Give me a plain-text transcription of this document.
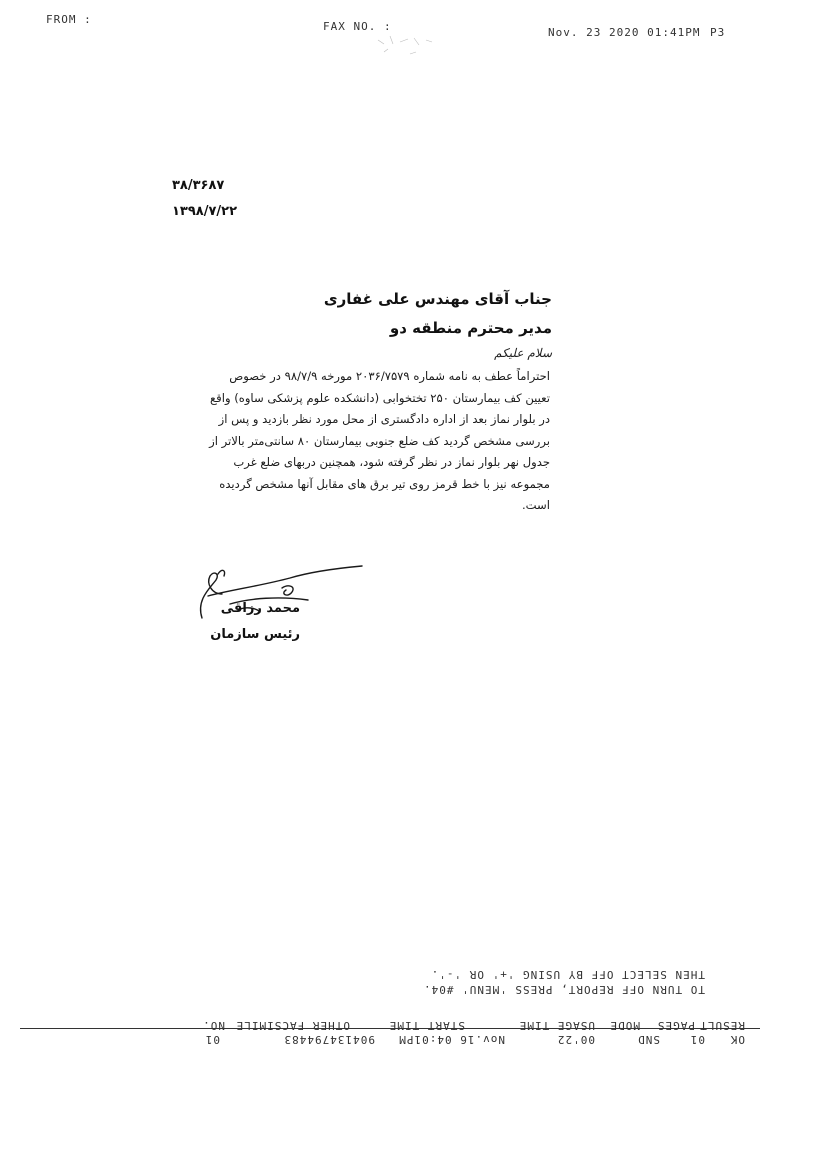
FROM :
FAX NO. :	Nov. 23 2020 01:41PM P3
۳۸/۳۶۸۷
۱۳۹۸/۷/۲۲
جناب آقای مهندس علی غفاری
مدیر محترم منطقه دو
سلام علیکم
احتراماً عطف به نامه شماره ۲۰۳۶/۷۵۷۹ مورخه ۹۸/۷/۹ در خصوص
تعیین کف بیمارستان ۲۵۰ تختخوابی (دانشکده علوم پزشکی ساوه) واقع
در بلوار نماز بعد از اداره دادگستری از محل مورد نظر بازدید و پس از
بررسی مشخص گردید کف ضلع جنوبی بیمارستان ۸۰ سانتی‌متر بالاتر از
جدول نهر بلوار نماز در نظر گرفته شود، همچنین دربهای ضلع غرب
مجموعه نیز با خط قرمز روی تیر برق های مقابل آنها مشخص گردیده
است.
محمد رزاقی
رئیس سازمان
THEN SELECT OFF BY USING '+' OR '-'.
TO TURN OFF REPORT, PRESS 'MENU' #04.
OK
01
SND
00'22
Nov.16 04:01PM
904134794483
01
RESULT
PAGES
MODE
USAGE TIME
START TIME
OTHER FACSIMILE
NO.
